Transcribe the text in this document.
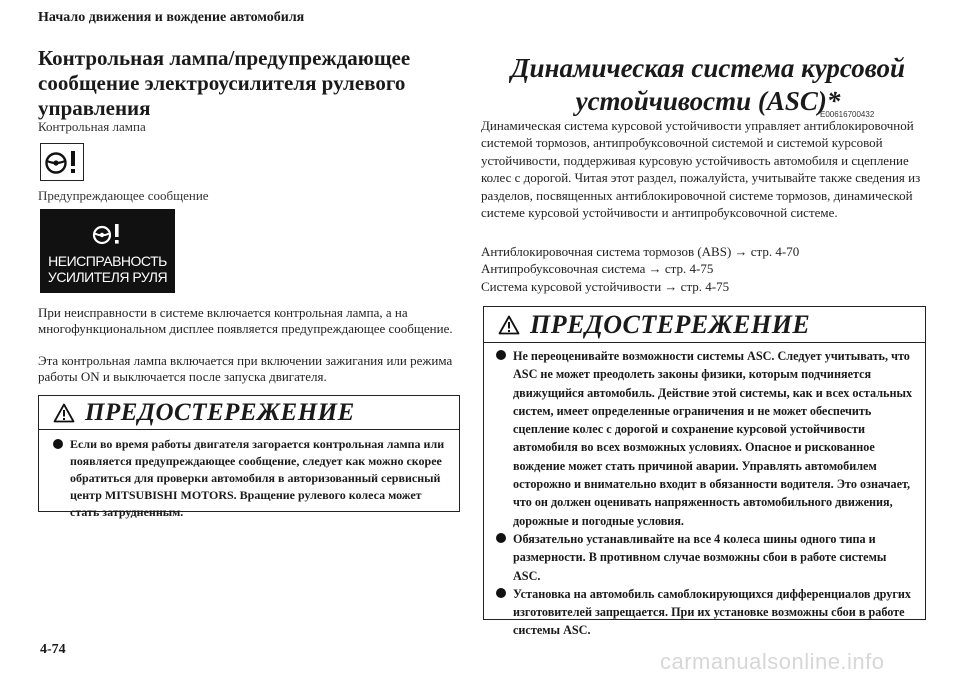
Начало движения и вождение автомобиля
Контрольная лампа/предупреждающее сообщение электроусилителя рулевого управления
Контрольная лампа
Предупреждающее сообщение
НЕИСПРАВНОСТЬ
УСИЛИТЕЛЯ РУЛЯ
При неисправности в системе включается контрольная лампа, а на многофункциональном дисплее появляется предупреждающее сообщение.
Эта контрольная лампа включается при включении зажигания или режима работы ON и выключается после запуска двигателя.
ПРЕДОСТЕРЕЖЕНИЕ
Если во время работы двигателя загорается контрольная лампа или появляется предупреждающее сообщение, следует как можно скорее обратиться для проверки автомобиля в авторизованный сервисный центр MITSUBISHI MOTORS. Вращение рулевого колеса может стать затрудненным.
4-74
Динамическая система курсовой
устойчивости (ASC)*
E00616700432
Динамическая система курсовой устойчивости управляет антиблокировочной системой тормозов, антипробуксовочной системой и системой курсовой устойчивости, поддерживая курсовую устойчивость автомобиля и сцепление колес с дорогой. Читая этот раздел, пожалуйста, учитывайте также сведения из разделов, посвященных антиблокировочной системе тормозов, динамической системе курсовой устойчивости и антипробуксовочной системе.
Антиблокировочная система тормозов (ABS) → стр. 4-70
Антипробуксовочная система → стр. 4-75
Система курсовой устойчивости → стр. 4-75
ПРЕДОСТЕРЕЖЕНИЕ
Не переоценивайте возможности системы ASC. Следует учитывать, что ASC не может преодолеть законы физики, которым подчиняется движущийся автомобиль. Действие этой системы, как и всех остальных систем, имеет определенные ограничения и не может обеспечить сцепление колес с дорогой и сохранение курсовой устойчивости автомобиля во всех возможных условиях. Опасное и рискованное вождение может стать причиной аварии. Управлять автомобилем осторожно и внимательно входит в обязанности водителя. Это означает, что он должен оценивать напряженность автомобильного движения, дорожные и погодные условия.
Обязательно устанавливайте на все 4 колеса шины одного типа и размерности. В противном случае возможны сбои в работе системы ASC.
Установка на автомобиль самоблокирующихся дифференциалов других изготовителей запрещается. При их установке возможны сбои в работе системы ASC.
carmanualsonline.info
